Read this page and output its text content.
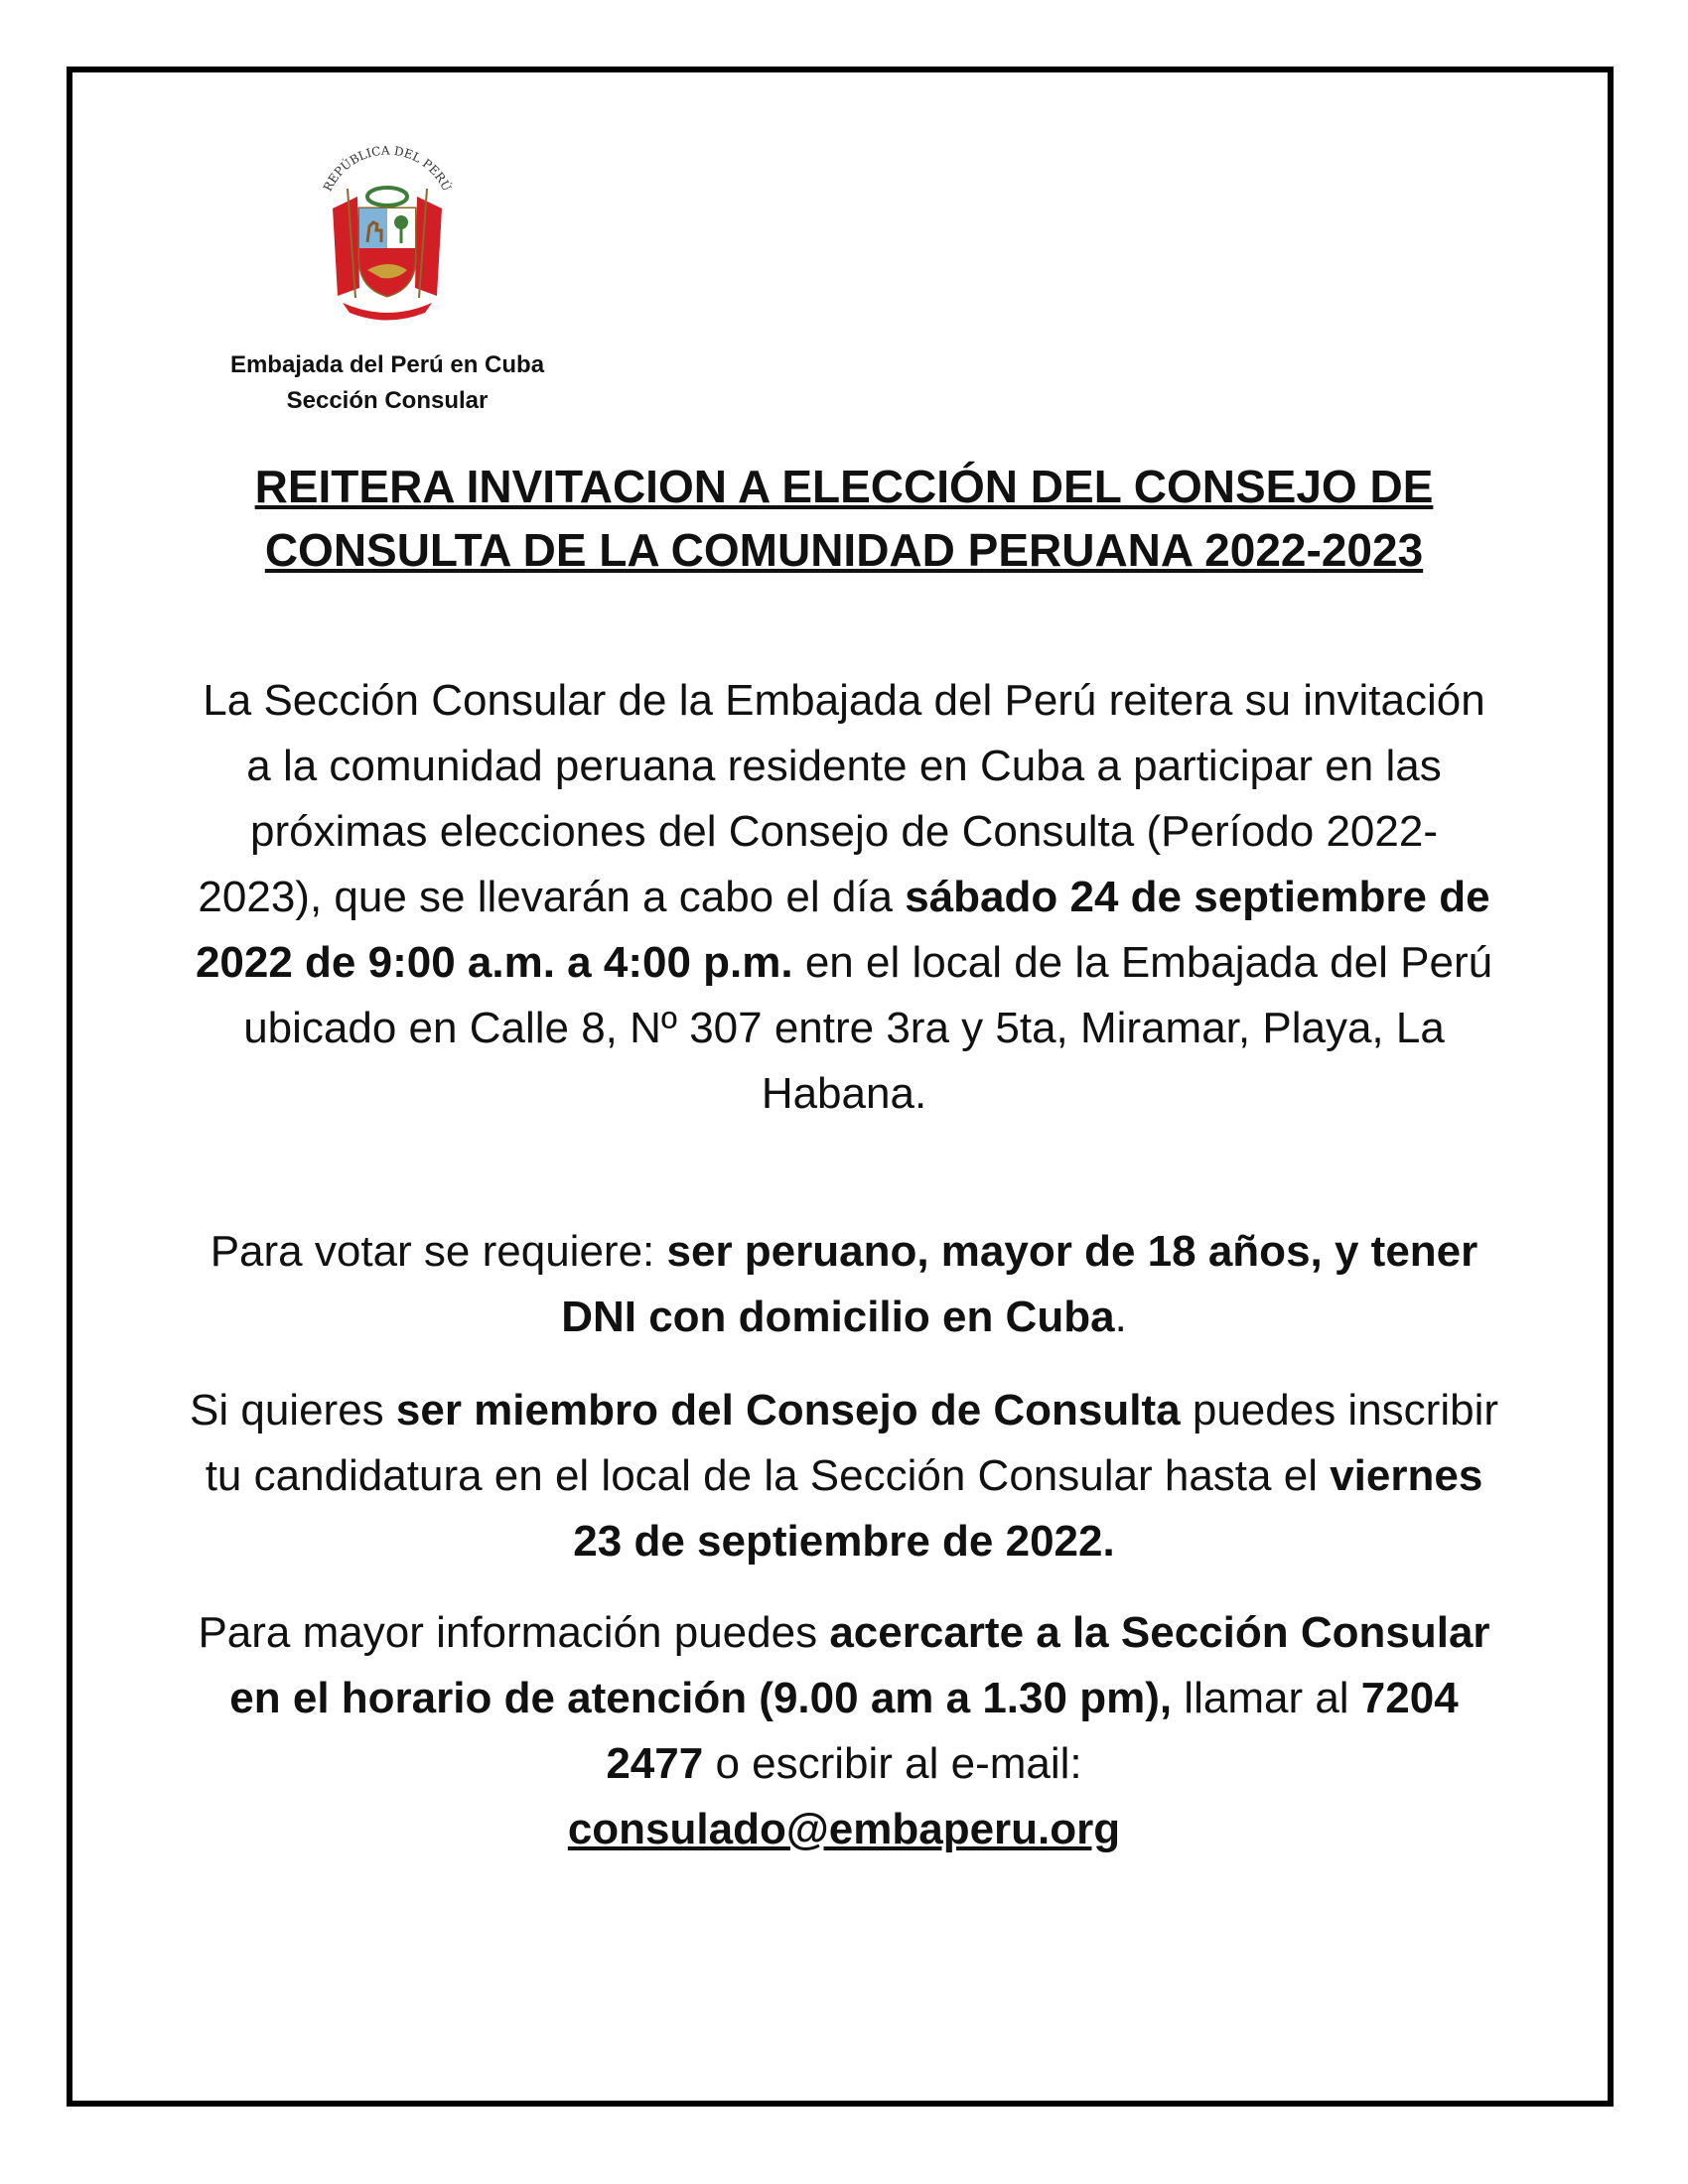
REPÚBLICA DEL PERÚ
Embajada del Perú en Cuba
Sección Consular
REITERA INVITACION A ELECCIÓN DEL CONSEJO DE
CONSULTA DE LA COMUNIDAD PERUANA 2022-2023

La Sección Consular de la Embajada del Perú reitera su invitación a la comunidad peruana residente en Cuba a participar en las próximas elecciones del Consejo de Consulta (Período 2022-2023), que se llevarán a cabo el día sábado 24 de septiembre de 2022 de 9:00 a.m. a 4:00 p.m. en el local de la Embajada del Perú ubicado en Calle 8, Nº 307 entre 3ra y 5ta, Miramar, Playa, La Habana.

Para votar se requiere: ser peruano, mayor de 18 años, y tener DNI con domicilio en Cuba.

Si quieres ser miembro del Consejo de Consulta puedes inscribir tu candidatura en el local de la Sección Consular hasta el viernes 23 de septiembre de 2022.

Para mayor información puedes acercarte a la Sección Consular en el horario de atención (9.00 am a 1.30 pm), llamar al 7204 2477 o escribir al e-mail:
consulado@embaperu.org
